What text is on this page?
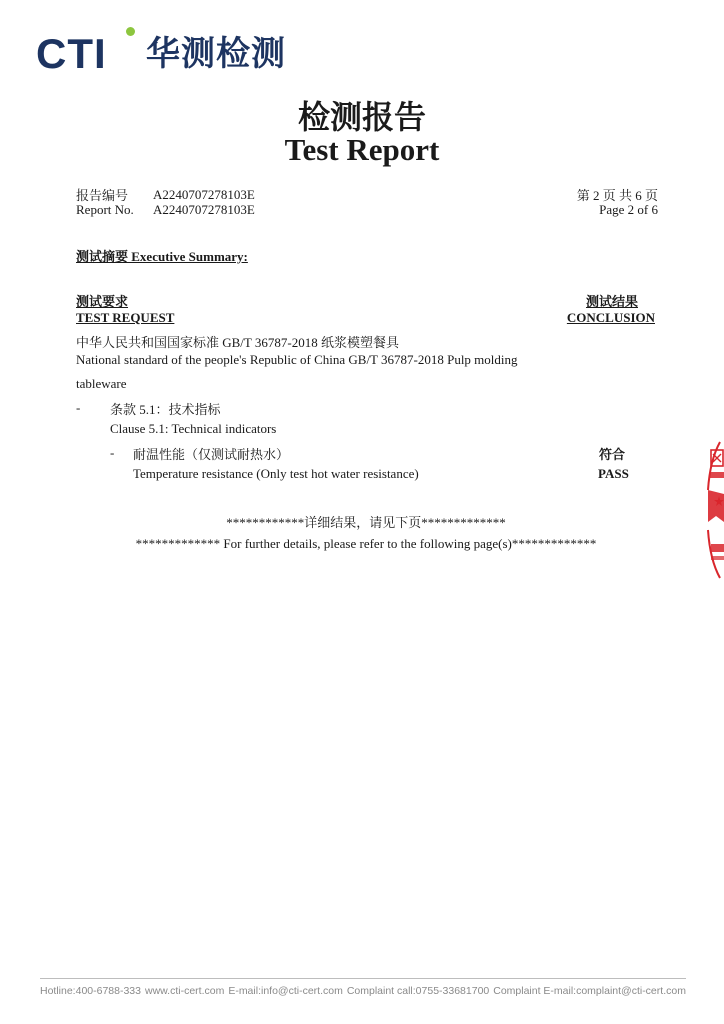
CTI 华测检测
检测报告
Test Report
报告编号 A2240707278103E
Report No. A2240707278103E
第 2 页 共 6 页
Page 2 of 6
测试摘要 Executive Summary:
测试要求
TEST REQUEST
测试结果
CONCLUSION
中华人民共和国国家标准 GB/T 36787-2018 纸浆模塑餐具
National standard of the people's Republic of China GB/T 36787-2018 Pulp molding
tableware
- 条款 5.1：技术指标
Clause 5.1: Technical indicators
- 耐温性能（仅测试耐热水）
Temperature resistance (Only test hot water resistance)
符合
PASS
************详细结果，请见下页*************
************* For further details, please refer to the following page(s)*************
Hotline:400-6788-333 www.cti-cert.com E-mail:info@cti-cert.com Complaint call:0755-33681700 Complaint E-mail:complaint@cti-cert.com
